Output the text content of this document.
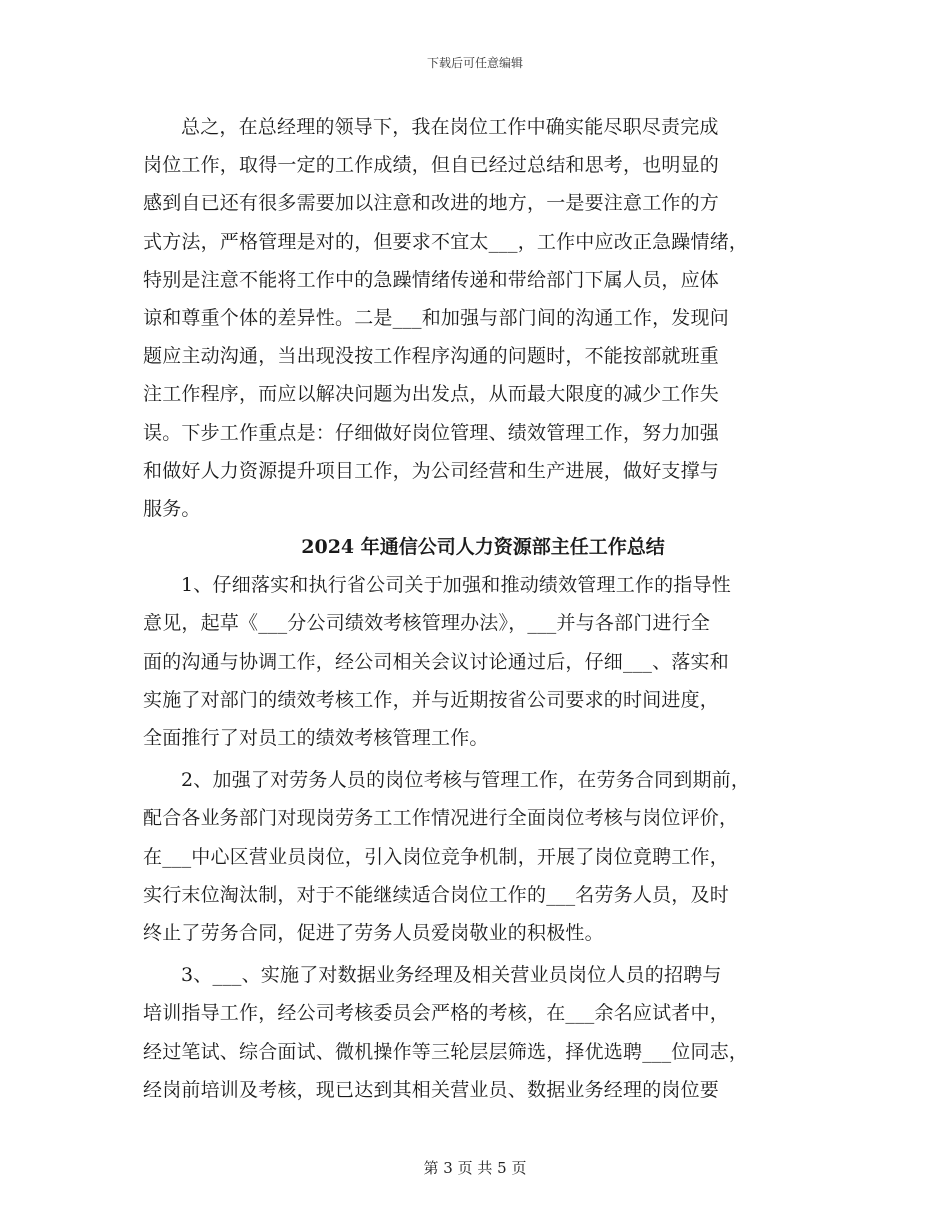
下载后可任意编辑
总之，在总经理的领导下，我在岗位工作中确实能尽职尽责完成
岗位工作，取得一定的工作成绩，但自已经过总结和思考，也明显的
感到自已还有很多需要加以注意和改进的地方，一是要注意工作的方
式方法，严格管理是对的，但要求不宜太___，工作中应改正急躁情绪，
特别是注意不能将工作中的急躁情绪传递和带给部门下属人员，应体
谅和尊重个体的差异性。二是___和加强与部门间的沟通工作，发现问
题应主动沟通，当出现没按工作程序沟通的问题时，不能按部就班重
注工作程序，而应以解决问题为出发点，从而最大限度的减少工作失
误。下步工作重点是：仔细做好岗位管理、绩效管理工作，努力加强
和做好人力资源提升项目工作，为公司经营和生产进展，做好支撑与
服务。
2024 年通信公司人力资源部主任工作总结
1、仔细落实和执行省公司关于加强和推动绩效管理工作的指导性
意见，起草《___分公司绩效考核管理办法》，___并与各部门进行全
面的沟通与协调工作，经公司相关会议讨论通过后，仔细___、落实和
实施了对部门的绩效考核工作，并与近期按省公司要求的时间进度，
全面推行了对员工的绩效考核管理工作。
2、加强了对劳务人员的岗位考核与管理工作，在劳务合同到期前，
配合各业务部门对现岗劳务工工作情况进行全面岗位考核与岗位评价，
在___中心区营业员岗位，引入岗位竞争机制，开展了岗位竟聘工作，
实行末位淘汰制，对于不能继续适合岗位工作的___名劳务人员，及时
终止了劳务合同，促进了劳务人员爱岗敬业的积极性。
3、___、实施了对数据业务经理及相关营业员岗位人员的招聘与
培训指导工作，经公司考核委员会严格的考核，在___余名应试者中，
经过笔试、综合面试、微机操作等三轮层层筛选，择优选聘___位同志，
经岗前培训及考核，现已达到其相关营业员、数据业务经理的岗位要
第 3 页 共 5 页
